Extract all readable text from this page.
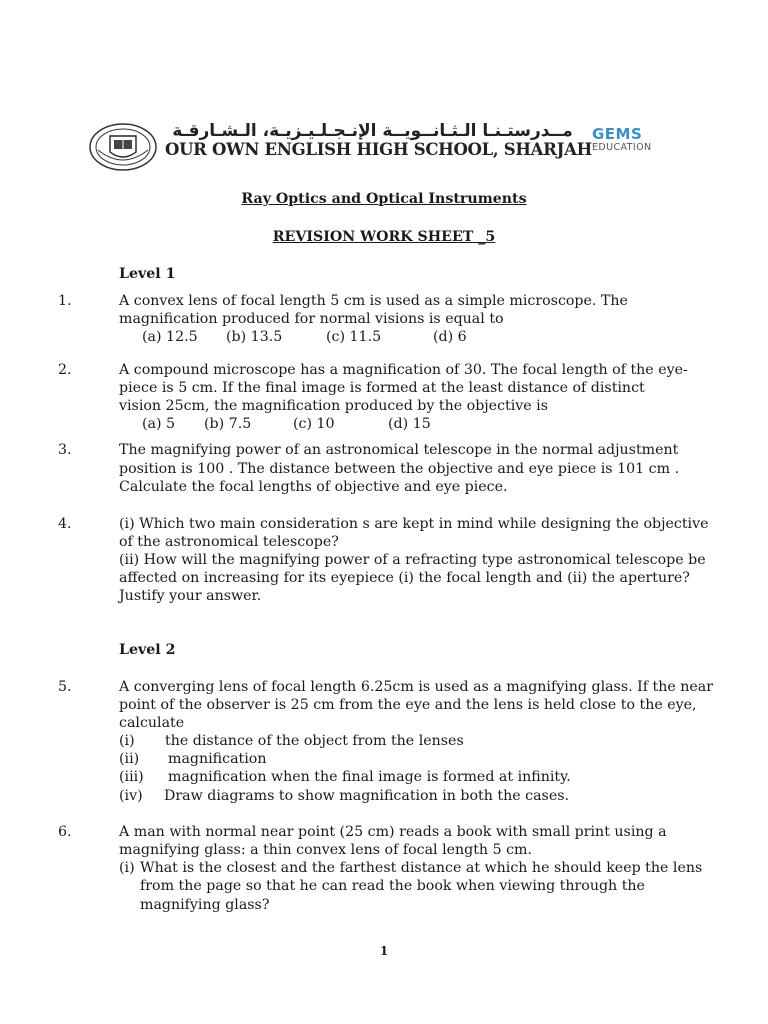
مــدرستـنـا الـثـانــويــة الإنـجـلـيـزيـة، الـشـارقـة
OUR OWN ENGLISH HIGH SCHOOL, SHARJAH
GEMS
EDUCATION
Ray Optics and Optical Instruments
REVISION WORK SHEET _5
Level 1
1.	A convex lens of focal length 5 cm is used as a simple microscope. The
magnification produced for normal visions is equal to
(a) 12.5 (b) 13.5	(c) 11.5	(d) 6
2.	A compound microscope has a magnification of 30. The focal length of the eye-
piece is 5 cm. If the final image is formed at the least distance of distinct
vision 25cm, the magnification produced by the objective is
(a) 5 (b) 7.5	(c) 10	(d) 15
3.	The magnifying power of an astronomical telescope in the normal adjustment
position is 100 . The distance between the objective and eye piece is 101 cm .
Calculate the focal lengths of objective and eye piece.
4.	(i) Which two main consideration s are kept in mind while designing the objective
of the astronomical telescope?
(ii) How will the magnifying power of a refracting type astronomical telescope be
affected on increasing for its eyepiece (i) the focal length and (ii) the aperture?
Justify your answer.
Level 2
5.	A converging lens of focal length 6.25cm is used as a magnifying glass. If the near
point of the observer is 25 cm from the eye and the lens is held close to the eye,
calculate
(i) the distance of the object from the lenses
(ii) magnification
(iii) magnification when the final image is formed at infinity.
(iv) Draw diagrams to show magnification in both the cases.
6.	A man with normal near point (25 cm) reads a book with small print using a
magnifying glass: a thin convex lens of focal length 5 cm.
(i) What is the closest and the farthest distance at which he should keep the lens
from the page so that he can read the book when viewing through the
magnifying glass?
1
